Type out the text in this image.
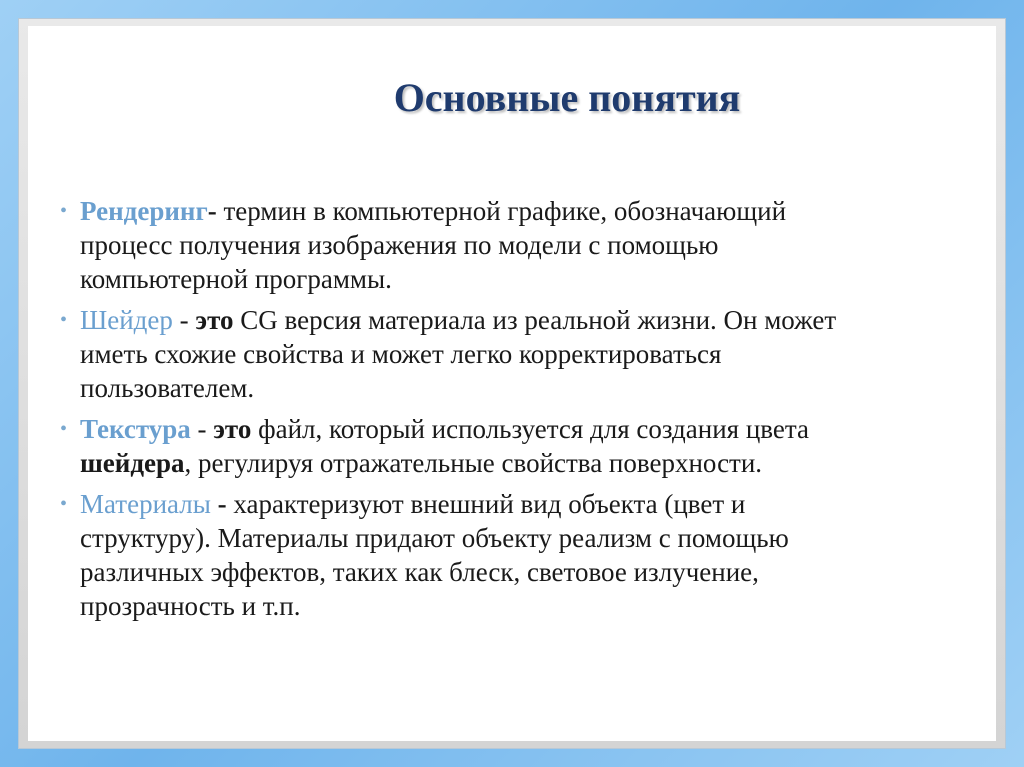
Основные понятия
• Рендеринг- термин в компьютерной графике, обозначающий процесс получения изображения по модели с помощью компьютерной программы.
• Шейдер - это CG версия материала из реальной жизни. Он может иметь схожие свойства и может легко корректироваться пользователем.
• Текстура - это файл, который используется для создания цвета шейдера, регулируя отражательные свойства поверхности.
• Материалы - характеризуют внешний вид объекта (цвет и структуру). Материалы придают объекту реализм с помощью различных эффектов, таких как блеск, световое излучение, прозрачность и т.п.
